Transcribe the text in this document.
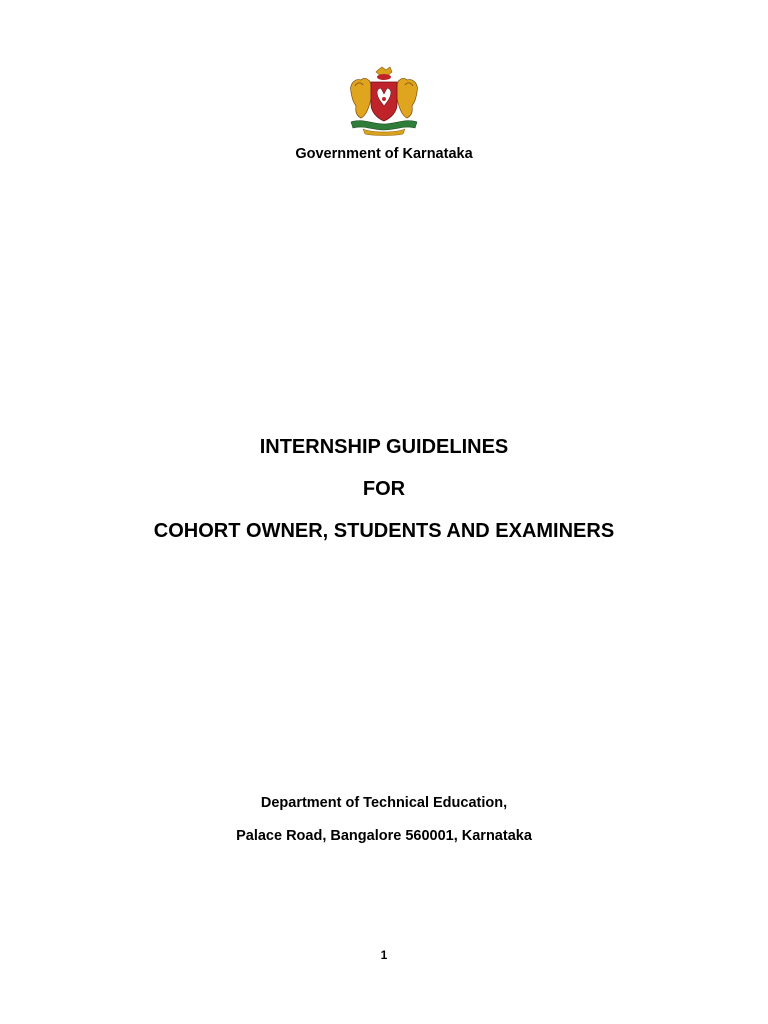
Government of Karnataka
INTERNSHIP GUIDELINES
FOR
COHORT OWNER, STUDENTS AND EXAMINERS
Department of Technical Education,
Palace Road, Bangalore 560001, Karnataka
1
